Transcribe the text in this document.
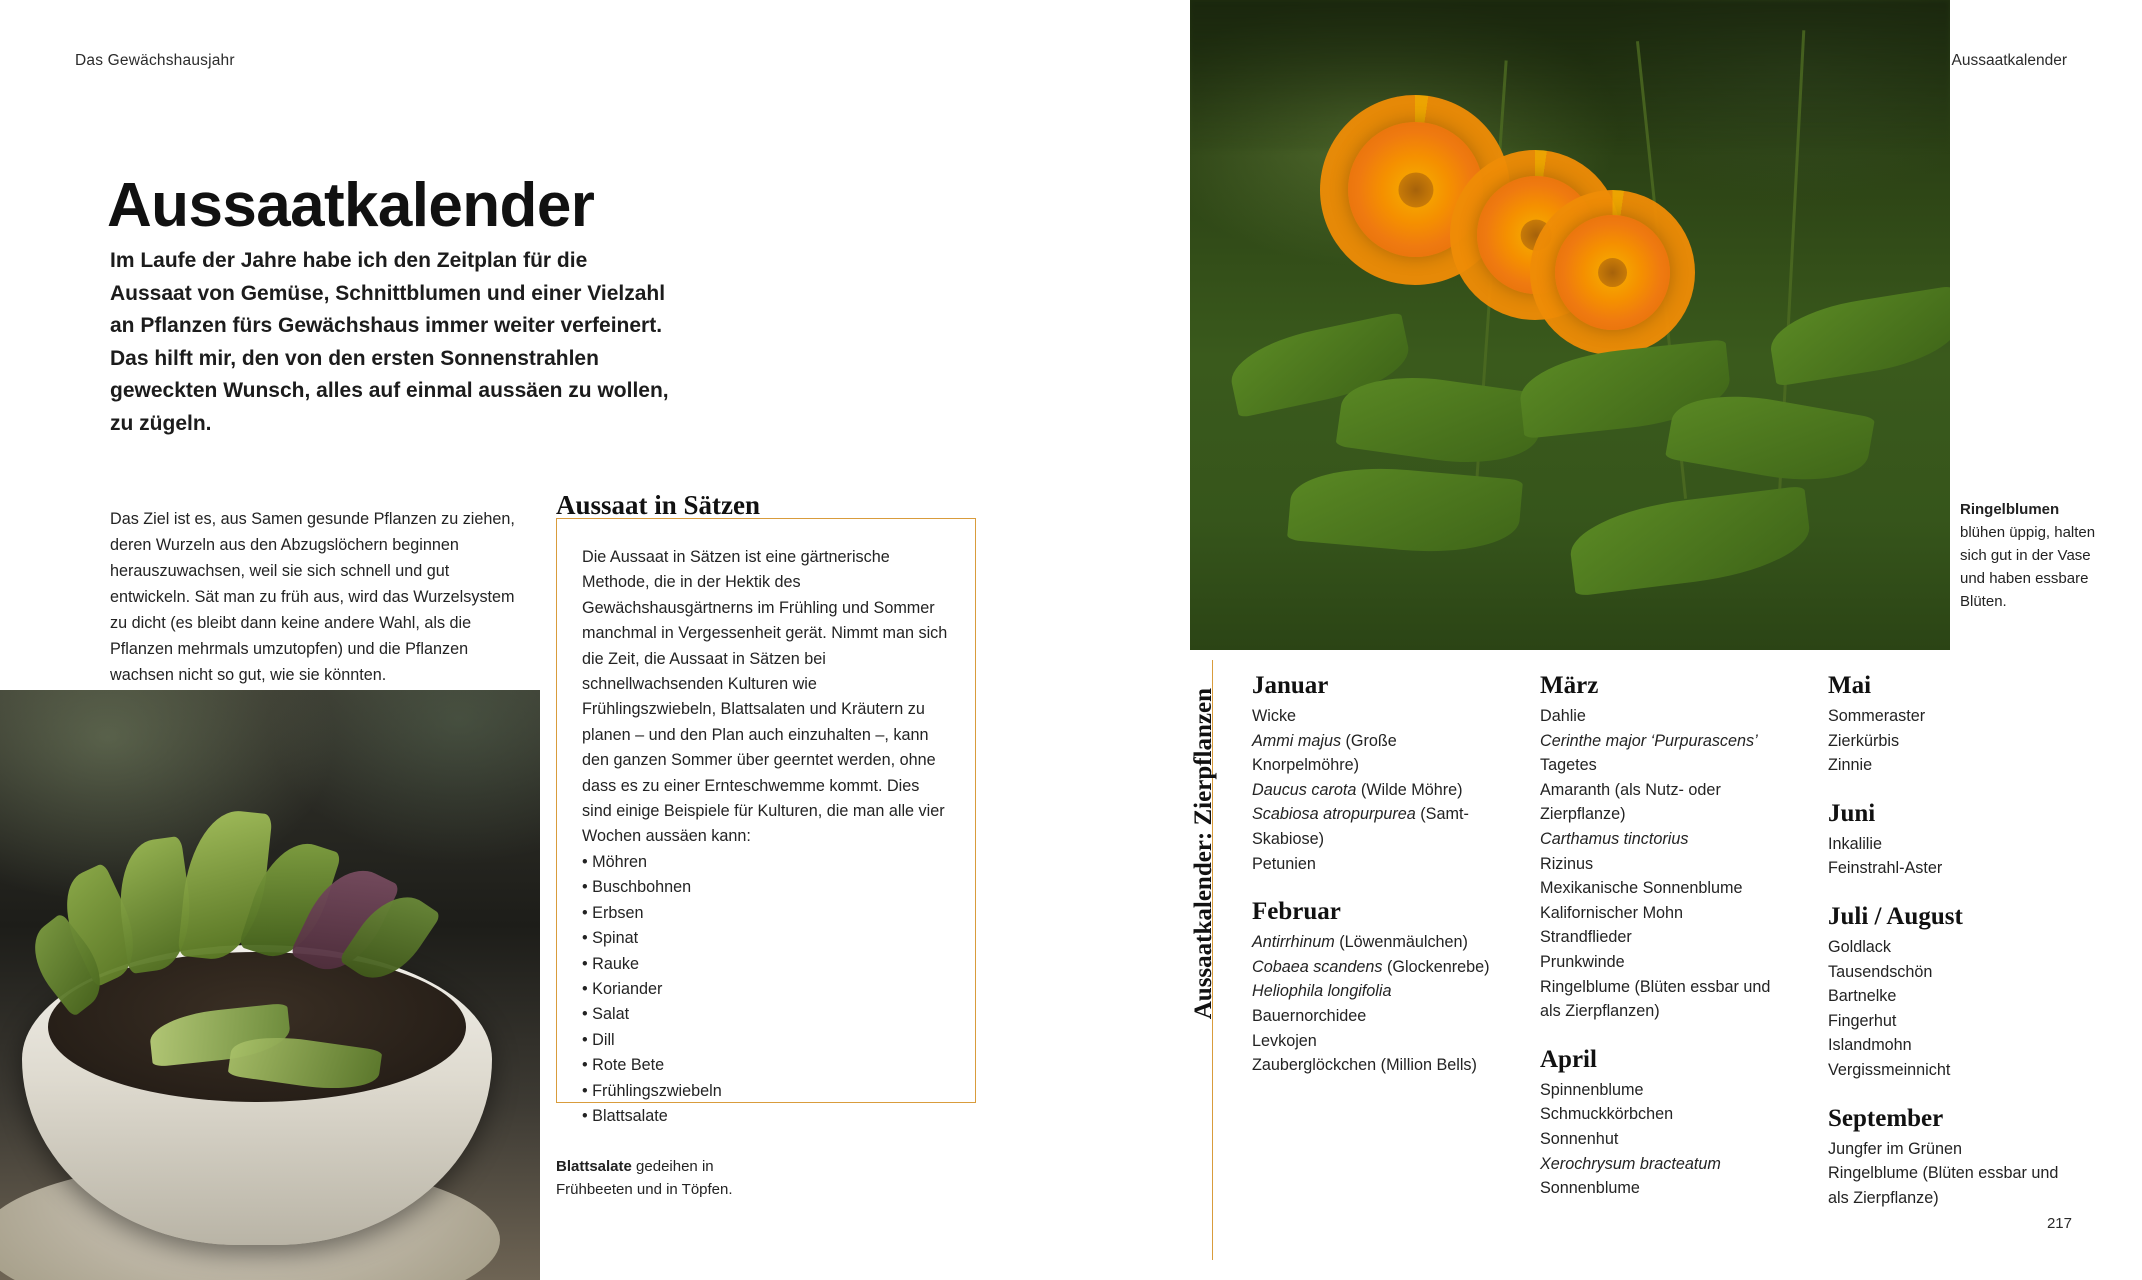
Das Gewächshausjahr
Aussaatkalender
Im Laufe der Jahre habe ich den Zeitplan für die Aussaat von Gemüse, Schnittblumen und einer Vielzahl an Pflanzen fürs Gewächshaus immer weiter verfeinert. Das hilft mir, den von den ersten Sonnenstrahlen geweckten Wunsch, alles auf einmal aussäen zu wollen, zu zügeln.
Das Ziel ist es, aus Samen gesunde Pflanzen zu ziehen, deren Wurzeln aus den Abzugslöchern beginnen herauszuwachsen, weil sie sich schnell und gut entwickeln. Sät man zu früh aus, wird das Wurzelsystem zu dicht (es bleibt dann keine andere Wahl, als die Pflanzen mehrmals umzutopfen) und die Pflanzen wachsen nicht so gut, wie sie könnten.
Blattsalate gedeihen in Frühbeeten und in Töpfen.
Aussaat in Sätzen
Die Aussaat in Sätzen ist eine gärtnerische Methode, die in der Hektik des Gewächshausgärtnerns im Frühling und Sommer manchmal in Vergessenheit gerät. Nimmt man sich die Zeit, die Aussaat in Sätzen bei schnellwachsenden Kulturen wie Frühlingszwiebeln, Blattsalaten und Kräutern zu planen – und den Plan auch einzuhalten –, kann den ganzen Sommer über geerntet werden, ohne dass es zu einer Ernteschwemme kommt. Dies sind einige Beispiele für Kulturen, die man alle vier Wochen aussäen kann:
• Möhren
• Buschbohnen
• Erbsen
• Spinat
• Rauke
• Koriander
• Salat
• Dill
• Rote Bete
• Frühlingszwiebeln
• Blattsalate
Aussaatkalender
217
Ringelblumen blühen üppig, halten sich gut in der Vase und haben essbare Blüten.
Aussaatkalender: Zierpflanzen
Januar
Wicke
Ammi majus (Große Knorpelmöhre)
Daucus carota (Wilde Möhre)
Scabiosa atropurpurea (Samt-Skabiose)
Petunien
Februar
Antirrhinum (Löwenmäulchen)
Cobaea scandens (Glockenrebe)
Heliophila longifolia
Bauernorchidee
Levkojen
Zauberglöckchen (Million Bells)
März
Dahlie
Cerinthe major ‘Purpurascens’
Tagetes
Amaranth (als Nutz- oder Zierpflanze)
Carthamus tinctorius
Rizinus
Mexikanische Sonnenblume
Kalifornischer Mohn
Strandflieder
Prunkwinde
Ringelblume (Blüten essbar und als Zierpflanzen)
April
Spinnenblume
Schmuckkörbchen
Sonnenhut
Xerochrysum bracteatum
Sonnenblume
Mai
Sommeraster
Zierkürbis
Zinnie
Juni
Inkalilie
Feinstrahl-Aster
Juli / August
Goldlack
Tausendschön
Bartnelke
Fingerhut
Islandmohn
Vergissmeinnicht
September
Jungfer im Grünen
Ringelblume (Blüten essbar und als Zierpflanze)
